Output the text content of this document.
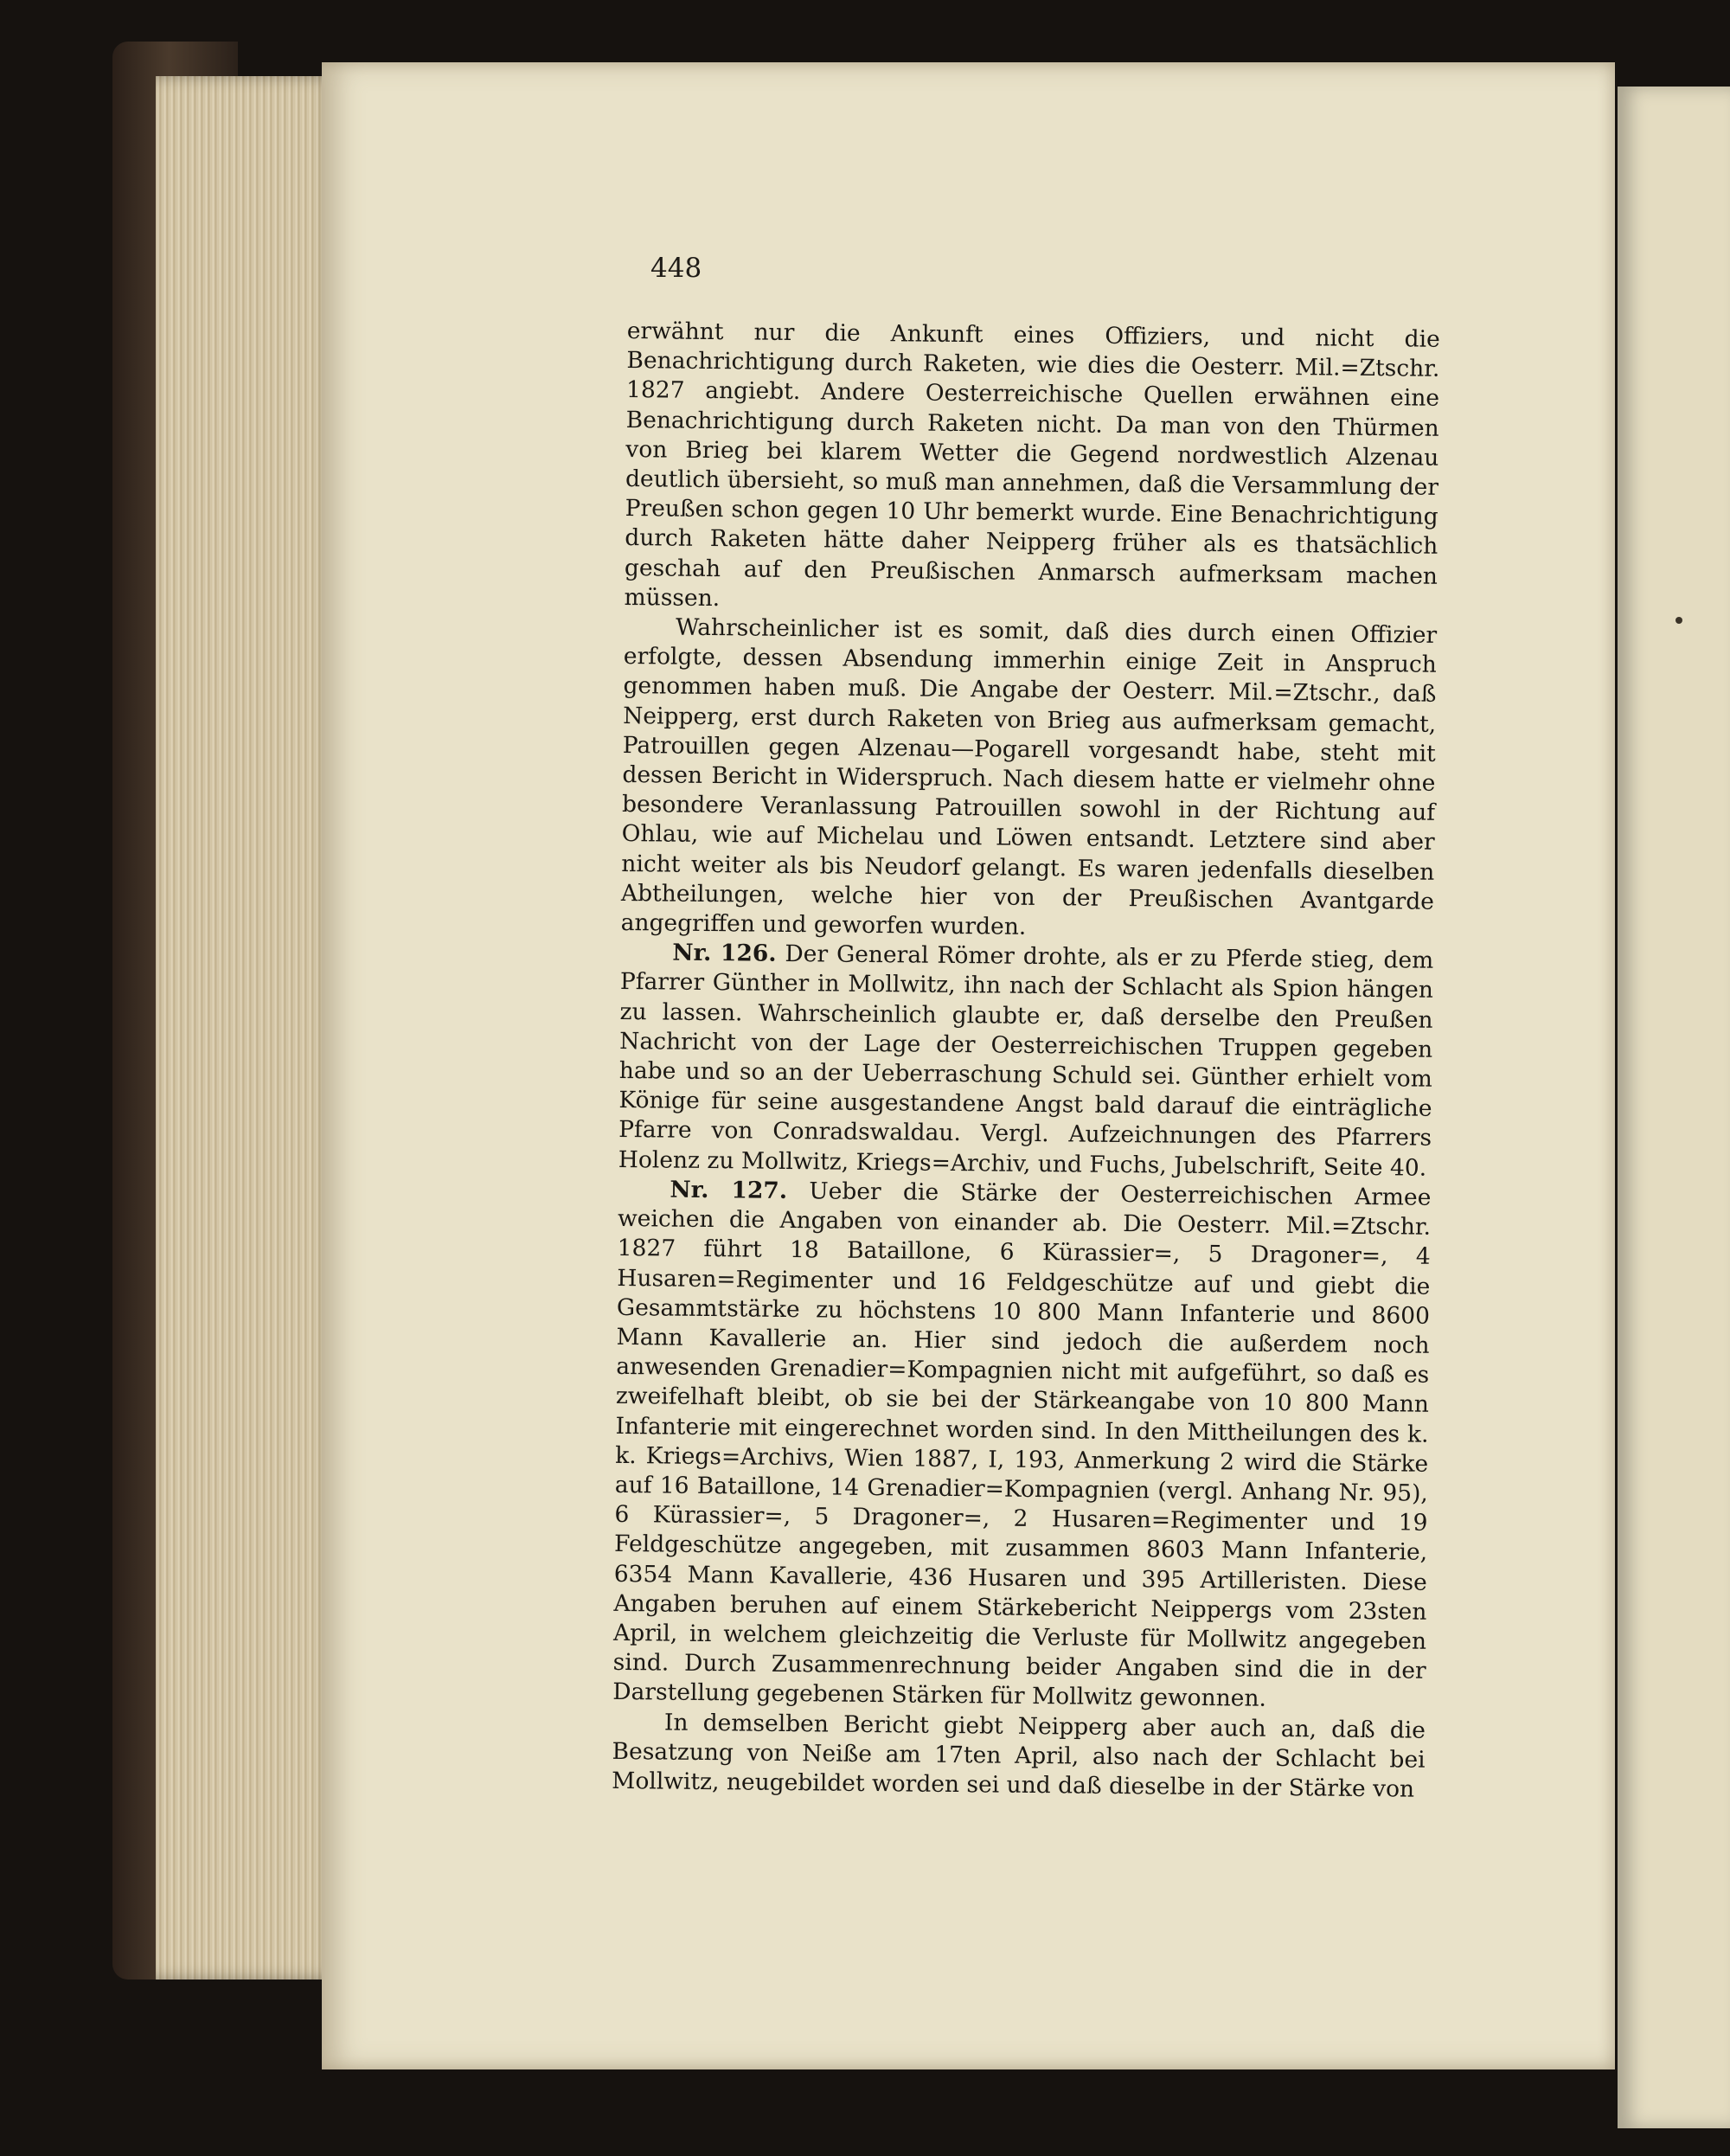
448

erwähnt nur die Ankunft eines Offiziers, und nicht die Benachrichtigung durch Raketen, wie dies die Oesterr. Mil.=Ztschr. 1827 angiebt. Andere Oesterreichische Quellen erwähnen eine Benachrichtigung durch Raketen nicht. Da man von den Thürmen von Brieg bei klarem Wetter die Gegend nordwestlich Alzenau deutlich übersieht, so muß man annehmen, daß die Versammlung der Preußen schon gegen 10 Uhr bemerkt wurde. Eine Benachrichtigung durch Raketen hätte daher Neipperg früher als es thatsächlich geschah auf den Preußischen Anmarsch aufmerksam machen müssen.

Wahrscheinlicher ist es somit, daß dies durch einen Offizier erfolgte, dessen Absendung immerhin einige Zeit in Anspruch genommen haben muß. Die Angabe der Oesterr. Mil.=Ztschr., daß Neipperg, erst durch Raketen von Brieg aus aufmerksam gemacht, Patrouillen gegen Alzenau—Pogarell vorgesandt habe, steht mit dessen Bericht in Widerspruch. Nach diesem hatte er vielmehr ohne besondere Veranlassung Patrouillen sowohl in der Richtung auf Ohlau, wie auf Michelau und Löwen entsandt. Letztere sind aber nicht weiter als bis Neudorf gelangt. Es waren jedenfalls dieselben Abtheilungen, welche hier von der Preußischen Avantgarde angegriffen und geworfen wurden.

Nr. 126. Der General Römer drohte, als er zu Pferde stieg, dem Pfarrer Günther in Mollwitz, ihn nach der Schlacht als Spion hängen zu lassen. Wahrscheinlich glaubte er, daß derselbe den Preußen Nachricht von der Lage der Oesterreichischen Truppen gegeben habe und so an der Ueberraschung Schuld sei. Günther erhielt vom Könige für seine ausgestandene Angst bald darauf die einträgliche Pfarre von Conradswaldau. Vergl. Aufzeichnungen des Pfarrers Holenz zu Mollwitz, Kriegs=Archiv, und Fuchs, Jubelschrift, Seite 40.

Nr. 127. Ueber die Stärke der Oesterreichischen Armee weichen die Angaben von einander ab. Die Oesterr. Mil.=Ztschr. 1827 führt 18 Bataillone, 6 Kürassier=, 5 Dragoner=, 4 Husaren=Regimenter und 16 Feldgeschütze auf und giebt die Gesammtstärke zu höchstens 10 800 Mann Infanterie und 8600 Mann Kavallerie an. Hier sind jedoch die außerdem noch anwesenden Grenadier=Kompagnien nicht mit aufgeführt, so daß es zweifelhaft bleibt, ob sie bei der Stärkeangabe von 10 800 Mann Infanterie mit eingerechnet worden sind. In den Mittheilungen des k. k. Kriegs=Archivs, Wien 1887, I, 193, Anmerkung 2 wird die Stärke auf 16 Bataillone, 14 Grenadier=Kompagnien (vergl. Anhang Nr. 95), 6 Kürassier=, 5 Dragoner=, 2 Husaren=Regimenter und 19 Feldgeschütze angegeben, mit zusammen 8603 Mann Infanterie, 6354 Mann Kavallerie, 436 Husaren und 395 Artilleristen. Diese Angaben beruhen auf einem Stärkebericht Neippergs vom 23sten April, in welchem gleichzeitig die Verluste für Mollwitz angegeben sind. Durch Zusammenrechnung beider Angaben sind die in der Darstellung gegebenen Stärken für Mollwitz gewonnen.

In demselben Bericht giebt Neipperg aber auch an, daß die Besatzung von Neiße am 17ten April, also nach der Schlacht bei Mollwitz, neugebildet worden sei und daß dieselbe in der Stärke von
